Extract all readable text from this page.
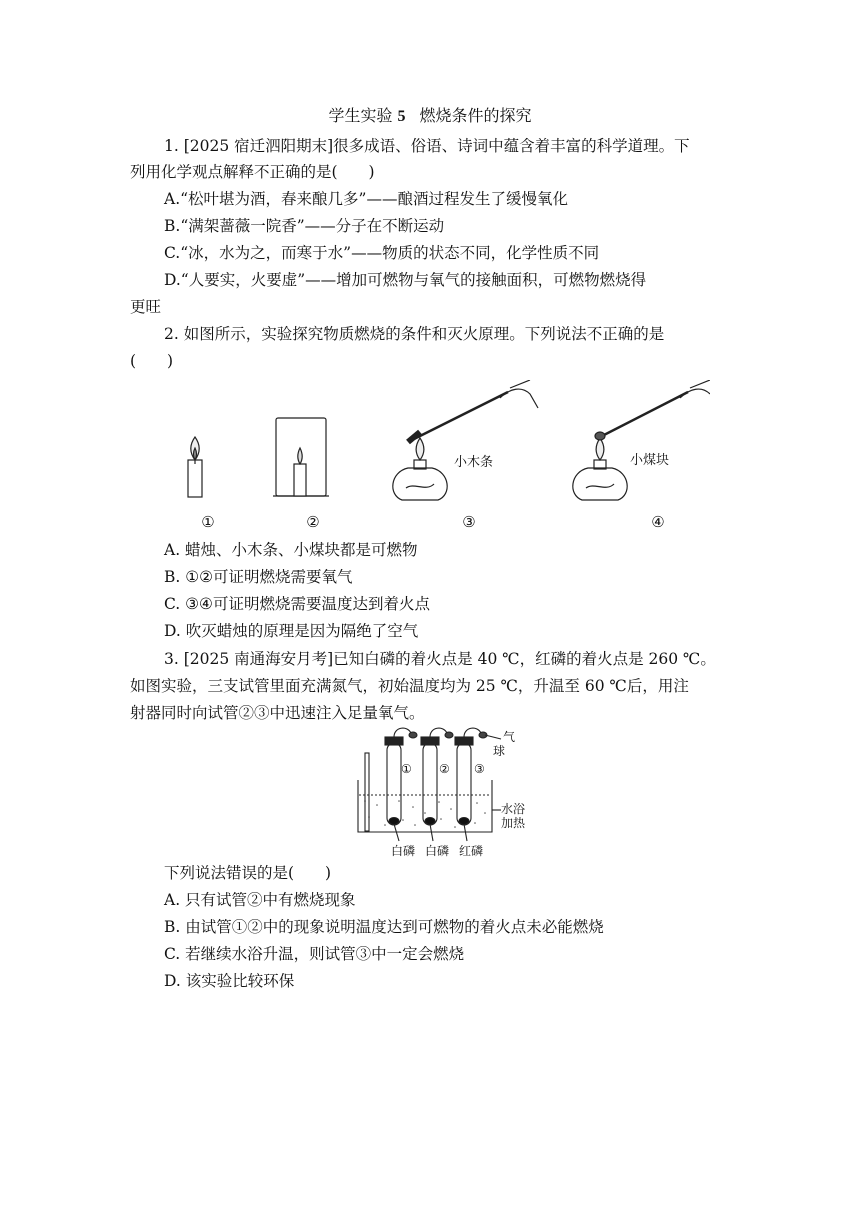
学生实验 5 燃烧条件的探究
1. [2025 宿迁泗阳期末]很多成语、俗语、诗词中蕴含着丰富的科学道理。下
列用化学观点解释不正确的是(　　)
A.“松叶堪为酒，春来酿几多”——酿酒过程发生了缓慢氧化
B.“满架蔷薇一院香”——分子在不断运动
C.“冰，水为之，而寒于水”——物质的状态不同，化学性质不同
D.“人要实，火要虚”——增加可燃物与氧气的接触面积，可燃物燃烧得
更旺
2. 如图所示，实验探究物质燃烧的条件和灭火原理。下列说法不正确的是
(　　)
小木条	小煤块
①	②	③	④
A. 蜡烛、小木条、小煤块都是可燃物
B. ①②可证明燃烧需要氧气
C. ③④可证明燃烧需要温度达到着火点
D. 吹灭蜡烛的原理是因为隔绝了空气
3. [2025 南通海安月考]已知白磷的着火点是 40 ℃，红磷的着火点是 260 ℃。
如图实验，三支试管里面充满氮气，初始温度均为 25 ℃，升温至 60 ℃后，用注
射器同时向试管②③中迅速注入足量氧气。
① ② ③
气
球
水浴
加热
白磷 白磷 红磷
下列说法错误的是(　　)
A. 只有试管②中有燃烧现象
B. 由试管①②中的现象说明温度达到可燃物的着火点未必能燃烧
C. 若继续水浴升温，则试管③中一定会燃烧
D. 该实验比较环保
